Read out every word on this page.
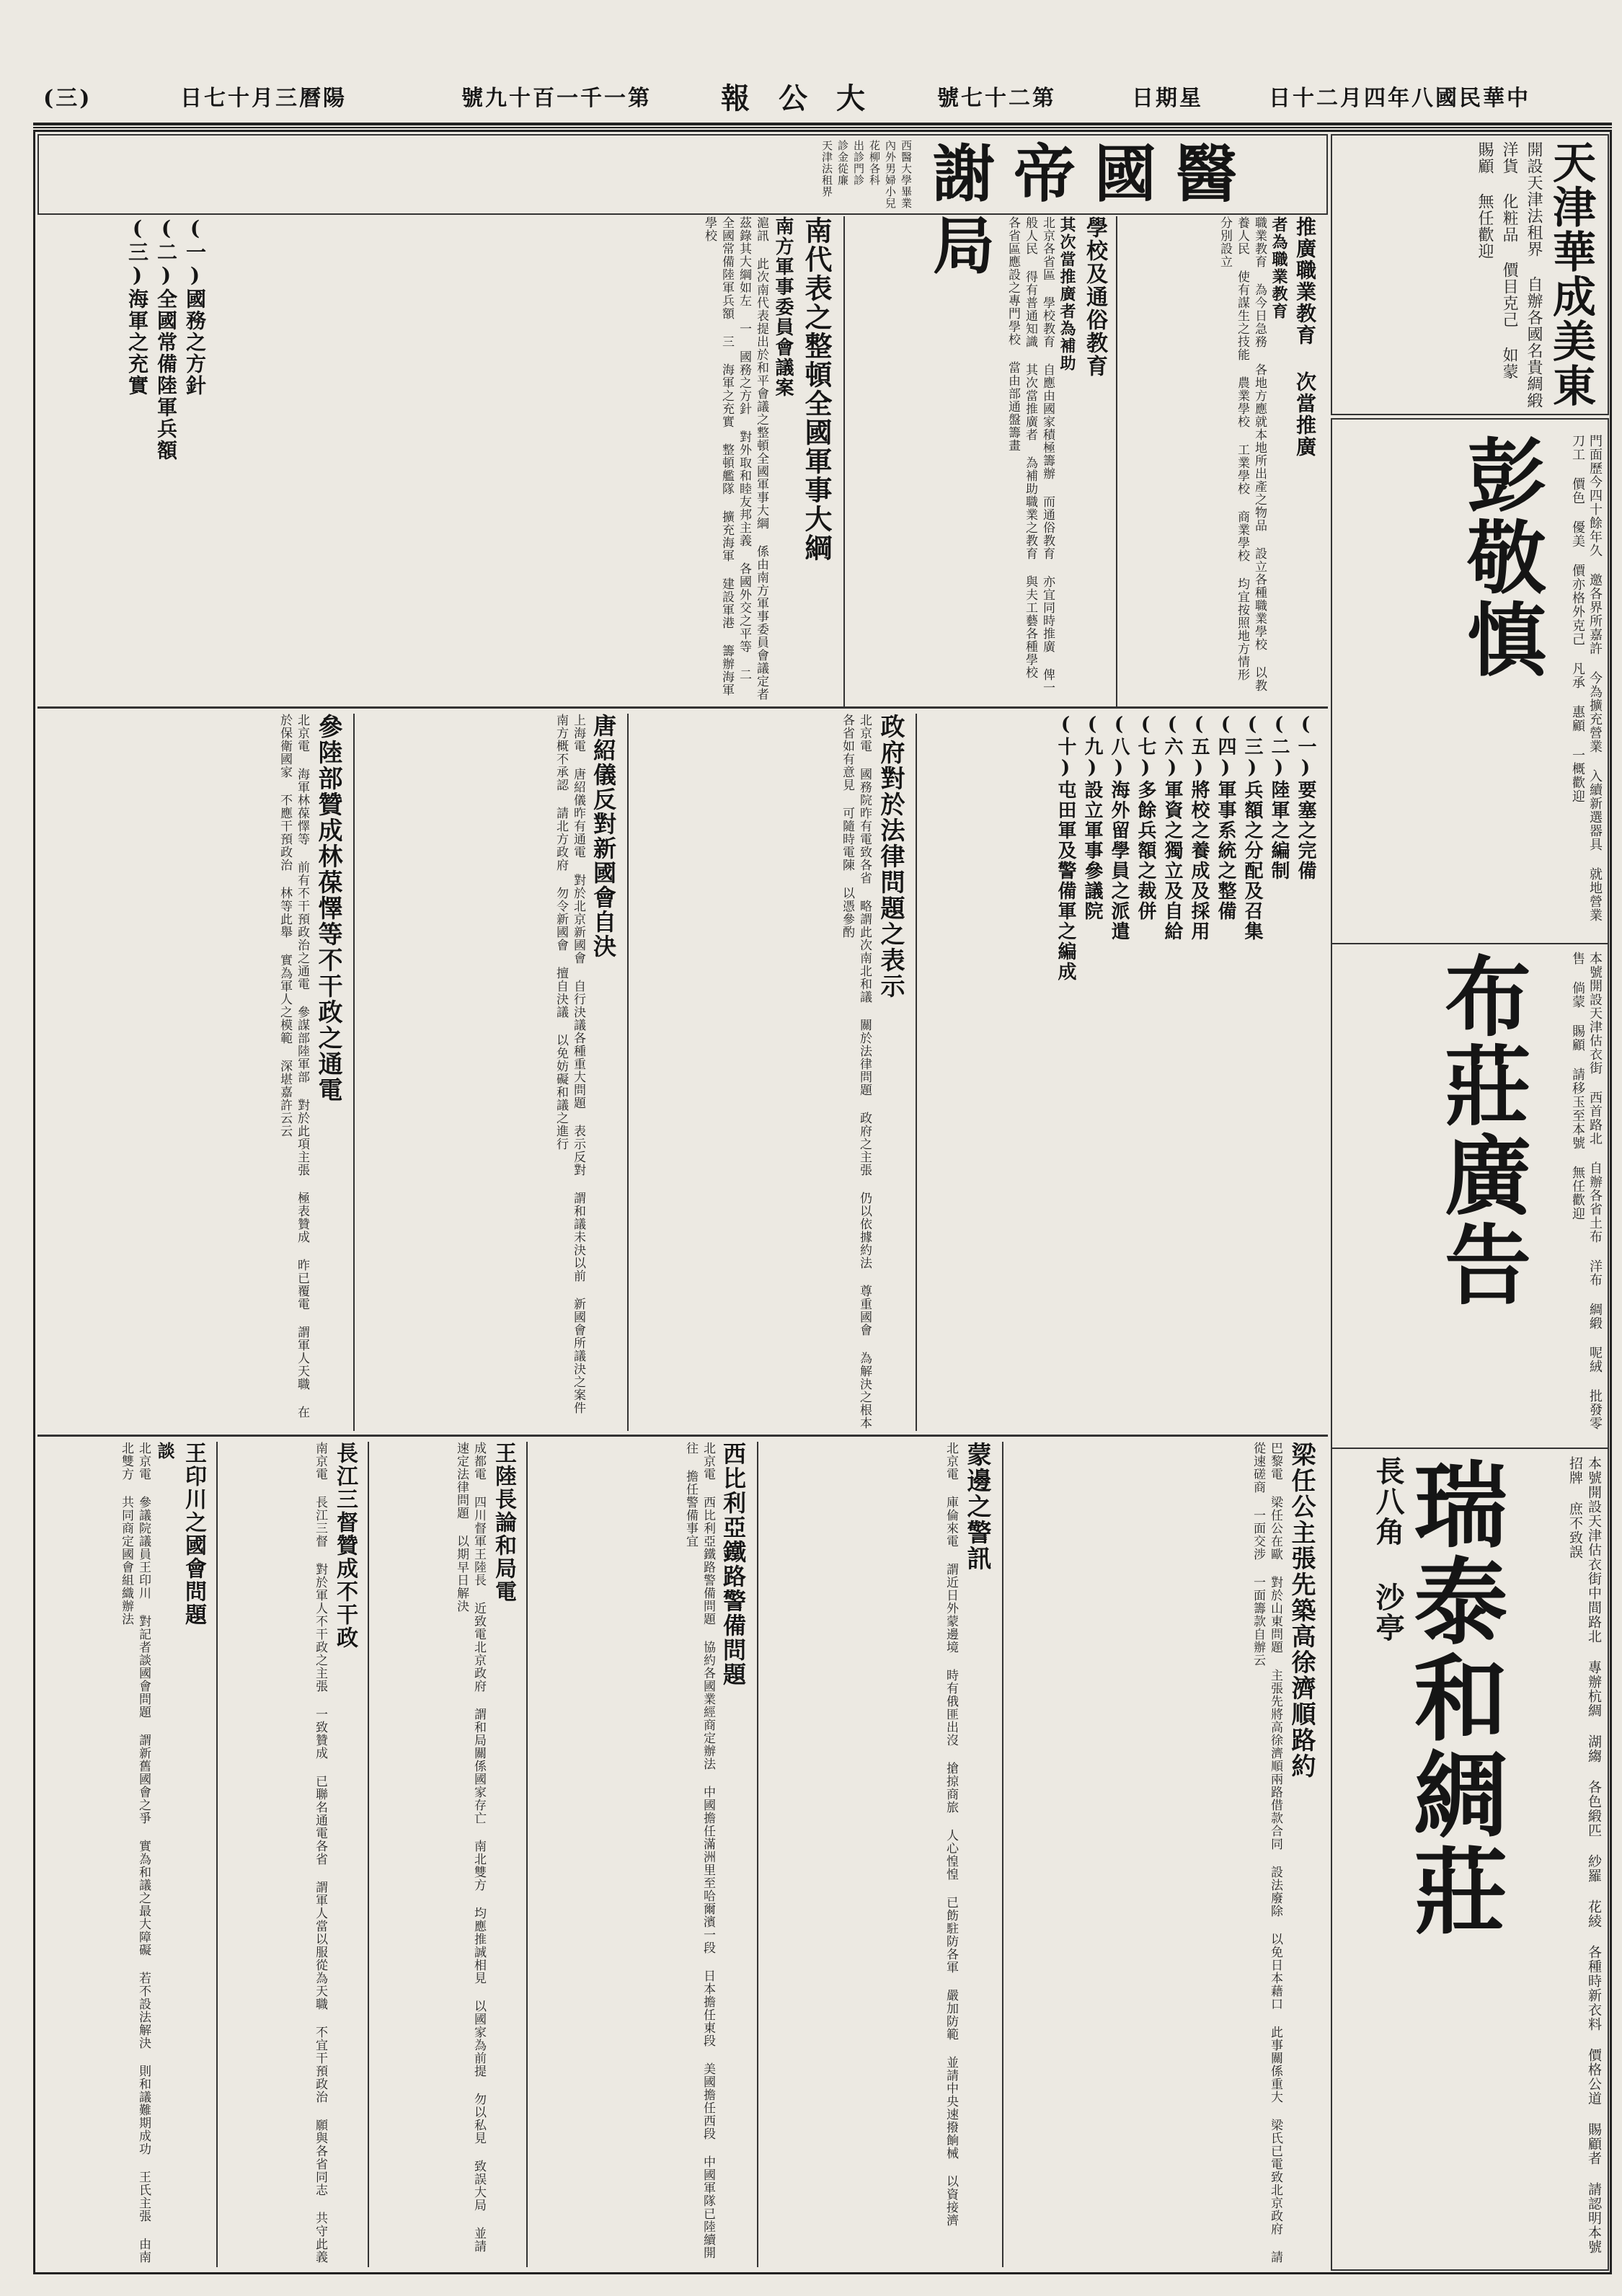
(三)	日七十月三曆陽	號九十百一千一第	報公大	號七十二第	日期星	日十二月四年八國民華中
謝帝國醫局
西醫大學畢業 內外男婦小兒花柳各科 出診門診 診金從廉 天津法租界	天津華成美東
開設天津法租界 自辦各國名貴綢緞 洋貨 化粧品 價目克己 如蒙 賜顧 無任歡迎
彭敬慎	門面歷今四十餘年久 邀各界所嘉許 今為擴充營業 入續新選器具 就地營業 刀工 價色 優美 價亦格外克己 凡承 惠顧 一概歡迎
布莊廣告	本號開設天津估衣街 西首路北 自辦各省土布 洋布 綢緞 呢絨 批發零售 倘蒙 賜顧 請移玉至本號 無任歡迎
瑞泰和綢莊
長八角 沙亭	本號開設天津估衣街中間路北 專辦杭綢 湖縐 各色緞匹 紗羅 花綾 各種時新衣料 價格公道 賜顧者 請認明本號招牌 庶不致誤
推廣職業教育 次當推廣
者為職業教育
職業教育 為今日急務 各地方應就本地所出產之物品 設立各種職業學校 以教養人民 使有謀生之技能 農業學校 工業學校 商業學校 均宜按照地方情形 分別設立
學校及通俗教育
其次當推廣者為補助
北京各省區 學校教育 自應由國家積極籌辦 而通俗教育 亦宜同時推廣 俾一般人民 得有普通知識 其次當推廣者 為補助職業之教育 與夫工藝各種學校 各省區應設之專門學校 當由部通盤籌畫
南代表之整頓全國軍事大綱
南方軍事委員會議案
滬訊 此次南代表提出於和平會議之整頓全國軍事大綱 係由南方軍事委員會議定者 茲錄其大綱如左 一 國務之方針 對外取和睦友邦主義 各國外交之平等 二 全國常備陸軍兵額 三 海軍之充實 整頓艦隊 擴充海軍 建設軍港 籌辦海軍學校
(一)國務之方針
(二)全國常備陸軍兵額
(三)海軍之充實
(一)要塞之完備
(二)陸軍之編制
(三)兵額之分配及召集
(四)軍事系統之整備
(五)將校之養成及採用
(六)軍資之獨立及自給
(七)多餘兵額之裁併
(八)海外留學員之派遣
(九)設立軍事參議院
(十)屯田軍及警備軍之編成
政府對於法律問題之表示
北京電 國務院昨有電致各省 略謂此次南北和議 關於法律問題 政府之主張 仍以依據約法 尊重國會 為解決之根本 各省如有意見 可隨時電陳 以憑參酌
唐紹儀反對新國會自決
上海電 唐紹儀昨有通電 對於北京新國會 自行決議各種重大問題 表示反對 謂和議未決以前 新國會所議決之案件 南方概不承認 請北方政府 勿令新國會 擅自決議 以免妨礙和議之進行
參陸部贊成林葆懌等不干政之通電
北京電 海軍林葆懌等 前有不干預政治之通電 參謀部陸軍部 對於此項主張 極表贊成 昨已覆電 謂軍人天職 在於保衛國家 不應干預政治 林等此舉 實為軍人之模範 深堪嘉許云云
梁任公主張先築高徐濟順路約
巴黎電 梁任公在歐 對於山東問題 主張先將高徐濟順兩路借款合同 設法廢除 以免日本藉口 此事關係重大 梁氏已電致北京政府 請從速磋商 一面交涉 一面籌款自辦云
蒙邊之警訊
北京電 庫倫來電 謂近日外蒙邊境 時有俄匪出沒 搶掠商旅 人心惶惶 已飭駐防各軍 嚴加防範 並請中央速撥餉械 以資接濟
西比利亞鐵路警備問題
北京電 西比利亞鐵路警備問題 協約各國業經商定辦法 中國擔任滿洲里至哈爾濱一段 日本擔任東段 美國擔任西段 中國軍隊已陸續開往 擔任警備事宜
王陸長論和局電
成都電 四川督軍王陸長 近致電北京政府 謂和局關係國家存亡 南北雙方 均應推誠相見 以國家為前提 勿以私見 致誤大局 並請速定法律問題 以期早日解決
長江三督贊成不干政
南京電 長江三督 對於軍人不干政之主張 一致贊成 已聯名通電各省 謂軍人當以服從為天職 不宜干預政治 願與各省同志 共守此義
王印川之國會問題
談
北京電 參議院議員王印川 對記者談國會問題 謂新舊國會之爭 實為和議之最大障礙 若不設法解決 則和議難期成功 王氏主張 由南北雙方 共同商定國會組織辦法
